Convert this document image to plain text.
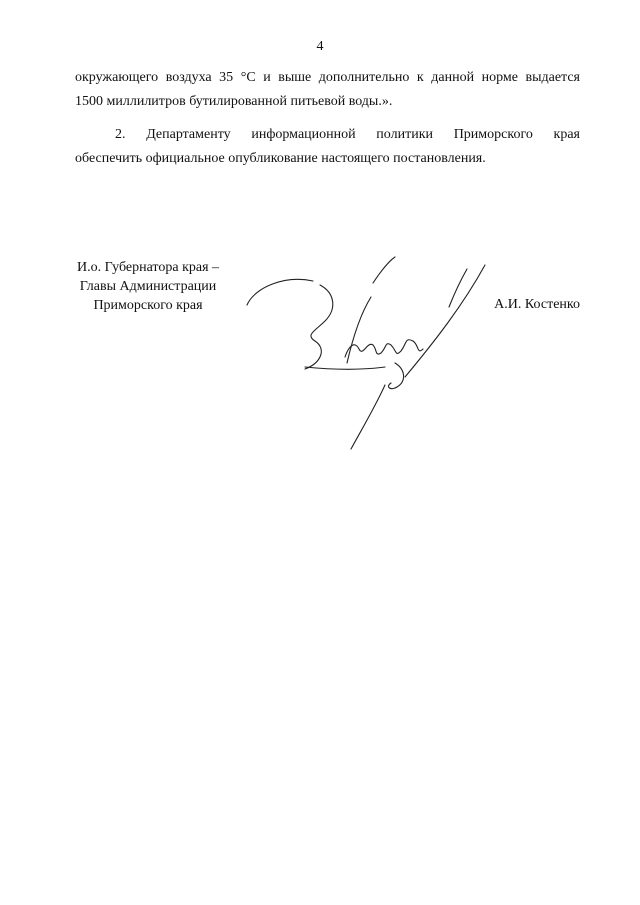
4
окружающего воздуха 35 °С и выше дополнительно к данной норме выдается
1500 миллилитров бутилированной питьевой воды.».
2. Департаменту информационной политики Приморского края
обеспечить официальное опубликование настоящего постановления.
И.о. Губернатора края –
Главы Администрации
Приморского края	А.И. Костенко
